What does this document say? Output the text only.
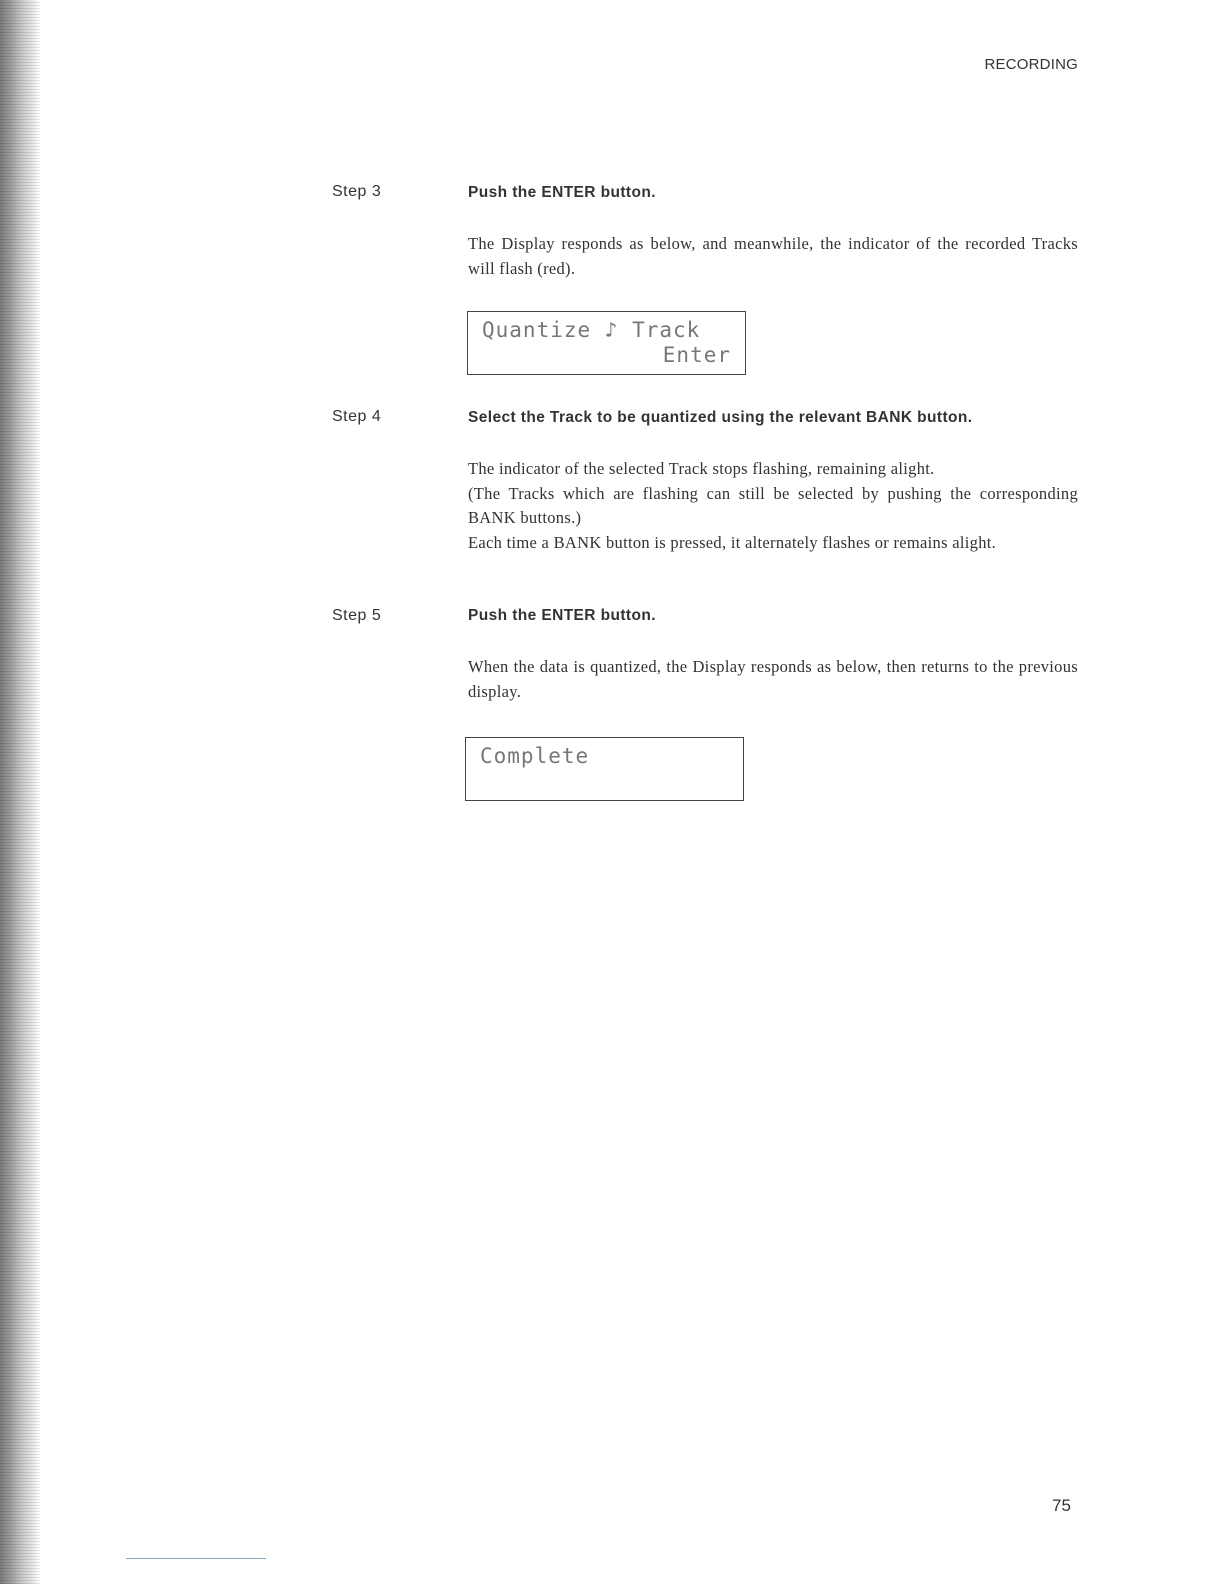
RECORDING
Step 3	Push the ENTER button.
The Display responds as below, and meanwhile, the indicator of the recorded Tracks will flash (red).
Quantize ♪ Track
Enter
Step 4	Select the Track to be quantized using the relevant BANK button.
The indicator of the selected Track stops flashing, remaining alight.
(The Tracks which are flashing can still be selected by pushing the corresponding BANK buttons.)
Each time a BANK button is pressed, it alternately flashes or remains alight.
Step 5	Push the ENTER button.
When the data is quantized, the Display responds as below, then returns to the previous display.
Complete
75
